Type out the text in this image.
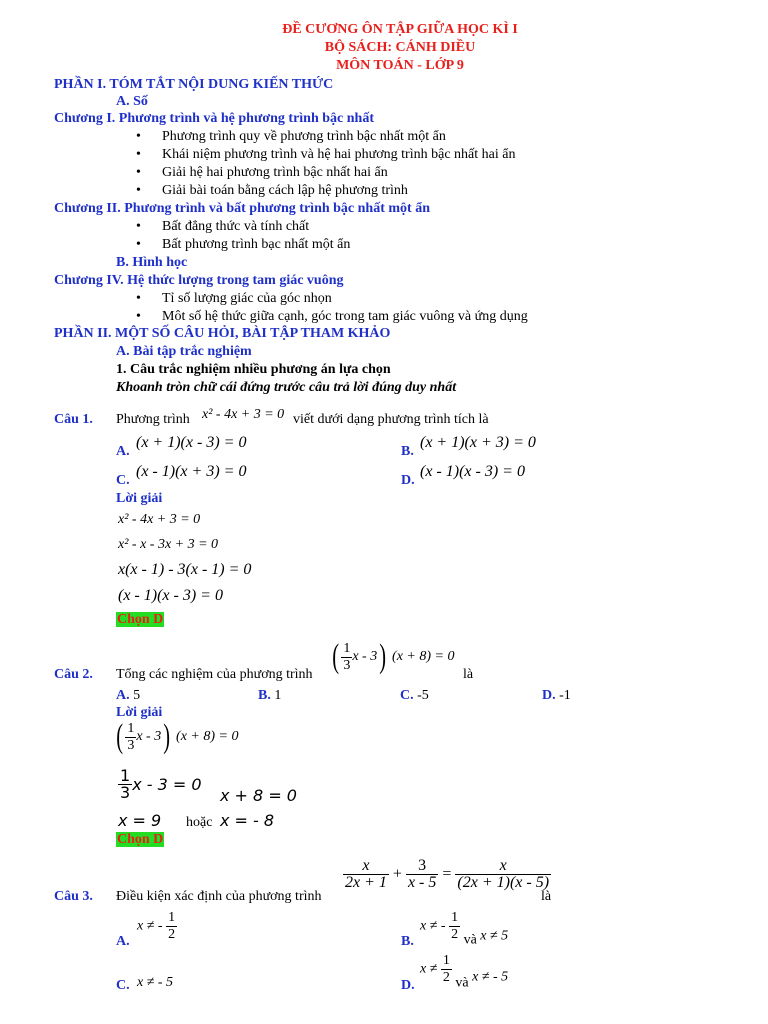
ĐỀ CƯƠNG ÔN TẬP GIỮA HỌC KÌ I
BỘ SÁCH: CÁNH DIỀU
MÔN TOÁN - LỚP 9
PHẦN I. TÓM TẮT NỘI DUNG KIẾN THỨC
A. Số
Chương I. Phương trình và hệ phương trình bậc nhất
• Phương trình quy về phương trình bậc nhất một ẩn
• Khái niệm phương trình và hệ hai phương trình bậc nhất hai ẩn
• Giải hệ hai phương trình bậc nhất hai ẩn
• Giải bài toán bằng cách lập hệ phương trình
Chương II. Phương trình và bất phương trình bậc nhất một ẩn
• Bất đẳng thức và tính chất
• Bất phương trình bạc nhất một ẩn
B. Hình học
Chương IV. Hệ thức lượng trong tam giác vuông
• Tỉ số lượng giác của góc nhọn
• Môt số hệ thức giữa cạnh, góc trong tam giác vuông và ứng dụng
PHẦN II. MỘT SỐ CÂU HỎI, BÀI TẬP THAM KHẢO
A. Bài tập trắc nghiệm
1. Câu trắc nghiệm nhiều phương án lựa chọn
Khoanh tròn chữ cái đứng trước câu trả lời đúng duy nhất
Câu 1. Phương trình x² - 4x + 3 = 0 viết dưới dạng phương trình tích là
A.
(x + 1)(x - 3) = 0
B.
(x + 1)(x + 3) = 0
C.
(x - 1)(x + 3) = 0
D.
(x - 1)(x - 3) = 0
Lời giải
x² - 4x + 3 = 0
x² - x - 3x + 3 = 0
x(x - 1) - 3(x - 1) = 0
(x - 1)(x - 3) = 0
Chọn D
Câu 2. Tổng các nghiệm của phương trình ( $\frac{1}{3}$ x - 3) (x + 8) = 0
là
A. 5	B. 1	C. -5	D. -1
Lời giải
( $\frac{1}{3}$ x - 3) (x + 8) = 0
$\frac{1}{3}$ x - 3 = 0
x + 8 = 0
x = 9 hoặc x = - 8
Chọn D
Câu 3. Điều kiện xác định của phương trình
$\frac{x}{2x + 1} + \frac{3}{x - 5} = \frac{x}{(2x + 1)(x - 5)}$
là
A.
x ≠ - $\frac{1}{2}$	B.
x ≠ - $\frac{1}{2}$ và x ≠ 5
C. x ≠ - 5	D.
$x \ne \frac{1}{2}$ và x ≠ - 5
